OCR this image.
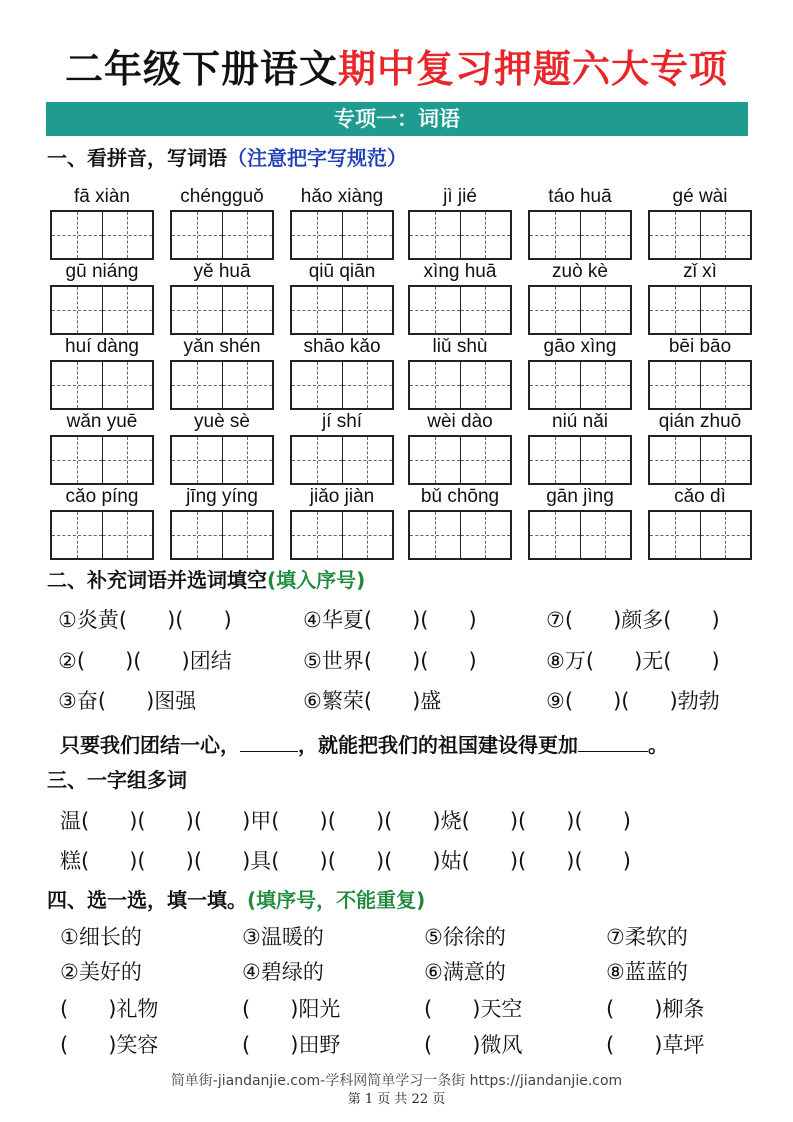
二年级下册语文期中复习押题六大专项
专项一：词语
一、看拼音，写词语（注意把字写规范）
fā xiàn	chéngguǒ	hǎo xiàng	jì jié	táo huā	gé wài
gū niáng	yě huā	qiū qiān	xìng huā	zuò kè	zǐ xì
huí dàng	yǎn shén	shāo kǎo	liǔ shù	gāo xìng	bēi bāo
wǎn yuē	yuè sè	jí shí	wèi dào	niú nǎi	qián zhuō
cǎo píng	jīng yíng	jiǎo jiàn	bǔ chōng	gān jìng	cǎo dì
二、补充词语并选词填空(填入序号)
①炎黄(      )(      )	④华夏(      )(      )	⑦(      )颜多(      )
②(      )(      )团结	⑤世界(      )(      )	⑧万(      )无(      )
③奋(      )图强	⑥繁荣(      )盛	⑨(      )(      )勃勃
只要我们团结一心，	，就能把我们的祖国建设得更加	。
三、一字组多词
温(      )(      )(      )甲(      )(      )(      )烧(      )(      )(      )
糕(      )(      )(      )具(      )(      )(      )姑(      )(      )(      )
四、选一选，填一填。(填序号，不能重复)
①细长的	③温暖的	⑤徐徐的	⑦柔软的
②美好的	④碧绿的	⑥满意的	⑧蓝蓝的
(      )礼物	(      )阳光	(      )天空	(      )柳条
(      )笑容	(      )田野	(      )微风	(      )草坪
简单街-jiandanjie.com-学科网简单学习一条街 https://jiandanjie.com
第 1 页 共 22 页
